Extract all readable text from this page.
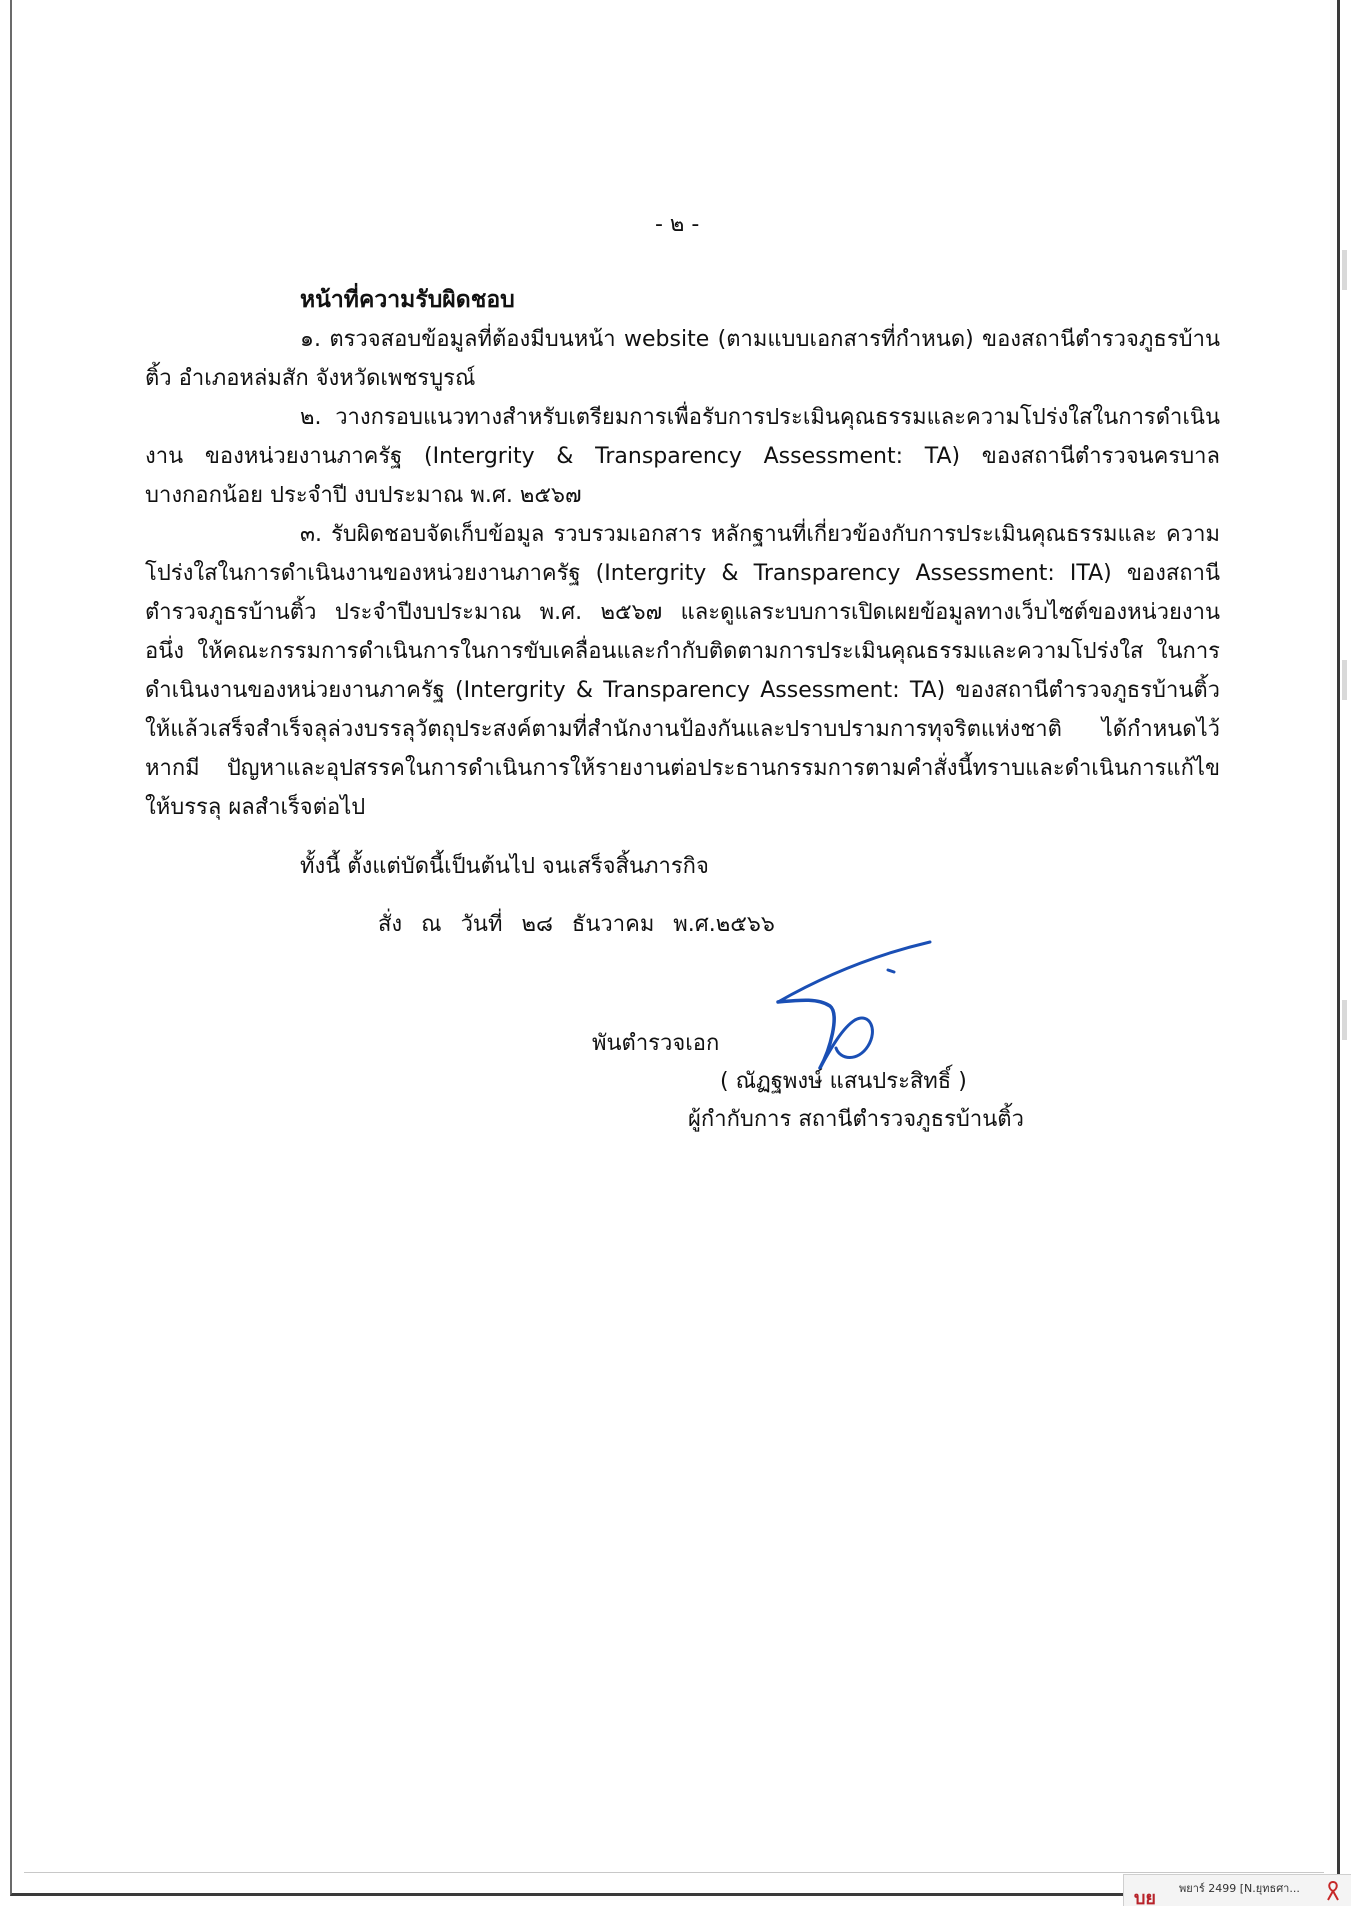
- ๒ -
หน้าที่ความรับผิดชอบ

๑. ตรวจสอบข้อมูลที่ต้องมีบนหน้า website (ตามแบบเอกสารที่กำหนด) ของสถานีตำรวจภูธรบ้านติ้ว อำเภอหล่มสัก จังหวัดเพชรบูรณ์

๒. วางกรอบแนวทางสำหรับเตรียมการเพื่อรับการประเมินคุณธรรมและความโปร่งใสในการดำเนินงาน ของหน่วยงานภาครัฐ (Intergrity & Transparency Assessment: TA) ของสถานีตำรวจนครบาลบางกอกน้อย ประจำปี งบประมาณ พ.ศ. ๒๕๖๗

๓. รับผิดชอบจัดเก็บข้อมูล รวบรวมเอกสาร หลักฐานที่เกี่ยวข้องกับการประเมินคุณธรรมและ ความโปร่งใสในการดำเนินงานของหน่วยงานภาครัฐ (Intergrity & Transparency Assessment: ITA) ของสถานี ตำรวจภูธรบ้านติ้ว ประจำปีงบประมาณ พ.ศ. ๒๕๖๗ และดูแลระบบการเปิดเผยข้อมูลทางเว็บไซต์ของหน่วยงาน อนึ่ง ให้คณะกรรมการดำเนินการในการขับเคลื่อนและกำกับติดตามการประเมินคุณธรรมและความโปร่งใส ในการ ดำเนินงานของหน่วยงานภาครัฐ (Intergrity & Transparency Assessment: TA) ของสถานีตำรวจภูธรบ้านติ้ว ให้แล้วเสร็จสำเร็จลุล่วงบรรลุวัตถุประสงค์ตามที่สำนักงานป้องกันและปราบปรามการทุจริตแห่งชาติ ได้กำหนดไว้ หากมี ปัญหาและอุปสรรคในการดำเนินการให้รายงานต่อประธานกรรมการตามคำสั่งนี้ทราบและดำเนินการแก้ไขให้บรรลุ ผลสำเร็จต่อไป

ทั้งนี้ ตั้งแต่บัดนี้เป็นต้นไป จนเสร็จสิ้นภารกิจ
สั่ง ณ วันที่ ๒๘ ธันวาคม พ.ศ.๒๕๖๖
พันตำรวจเอก
( ณัฏฐพงษ์ แสนประสิทธิ์ )
ผู้กำกับการ สถานีตำรวจภูธรบ้านติ้ว
บย พยาร์ 2499 [N.ยุทธศา...
